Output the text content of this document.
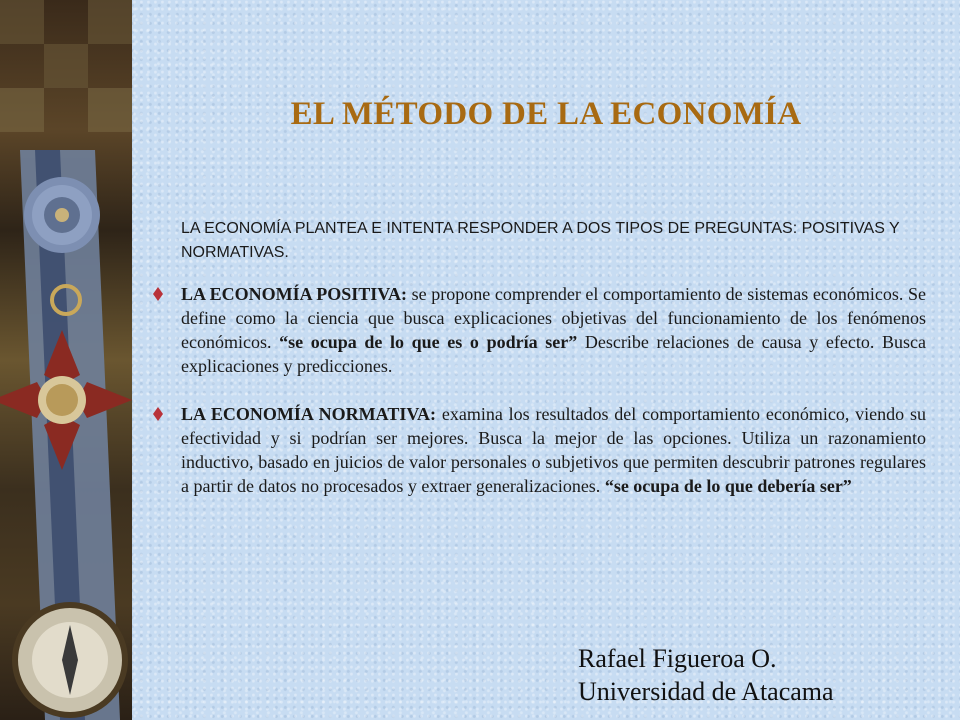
EL MÉTODO DE LA ECONOMÍA

LA ECONOMÍA PLANTEA E INTENTA RESPONDER A DOS TIPOS DE PREGUNTAS: POSITIVAS Y NORMATIVAS.

LA ECONOMÍA POSITIVA: se propone comprender el comportamiento de sistemas económicos. Se define como la ciencia que busca explicaciones objetivas del funcionamiento de los fenómenos económicos. “se ocupa de lo que es o podría ser” Describe relaciones de causa y efecto. Busca explicaciones y predicciones.
LA ECONOMÍA NORMATIVA: examina los resultados del comportamiento económico, viendo su efectividad y si podrían ser mejores. Busca la mejor de las opciones. Utiliza un razonamiento inductivo, basado en juicios de valor personales o subjetivos que permiten descubrir patrones regulares a partir de datos no procesados y extraer generalizaciones. “se ocupa de lo que debería ser”

Rafael Figueroa O.
Universidad de Atacama
